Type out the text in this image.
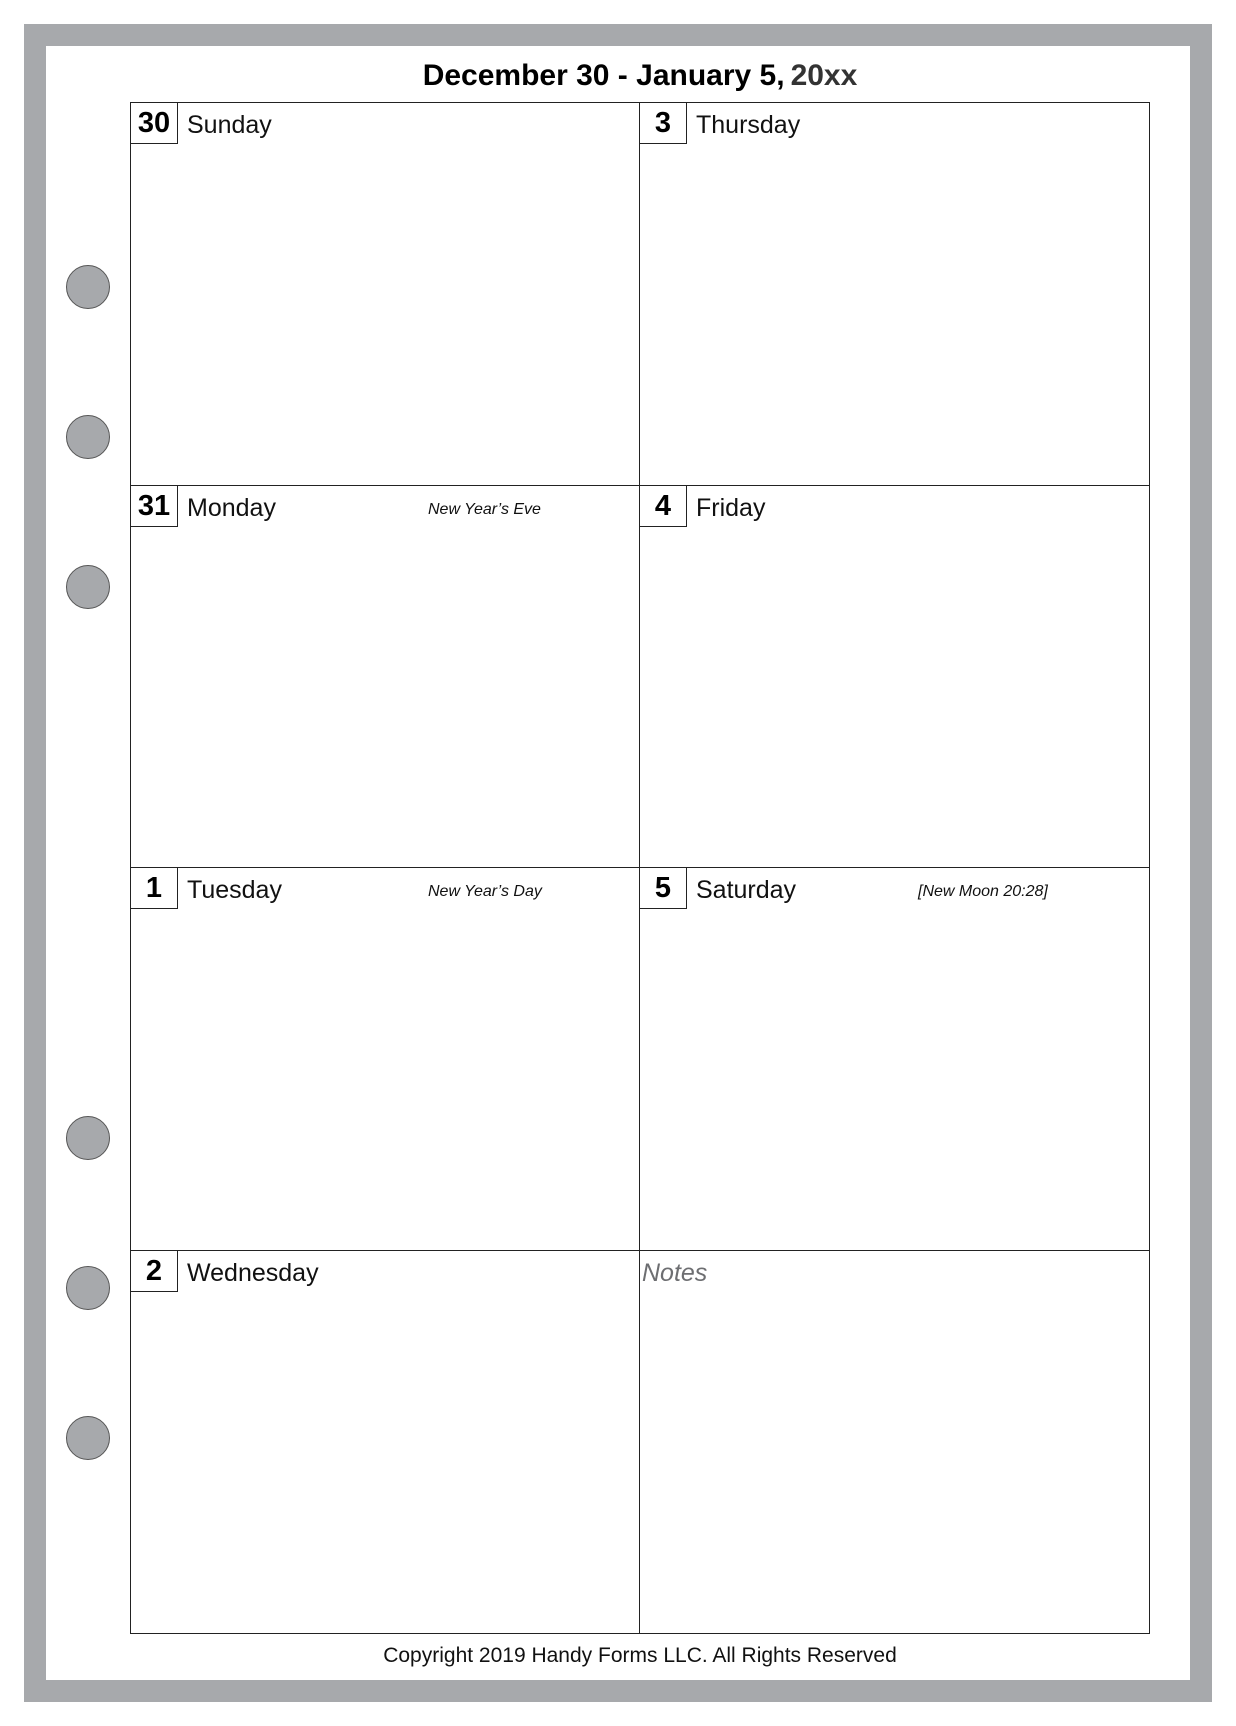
December 30 - January 5, 20xx
30 Sunday	3 Thursday
31 Monday	New Year’s Eve	4 Friday
1 Tuesday	New Year’s Day	5 Saturday	[New Moon 20:28]
2 Wednesday	Notes
Copyright 2019 Handy Forms LLC. All Rights Reserved
